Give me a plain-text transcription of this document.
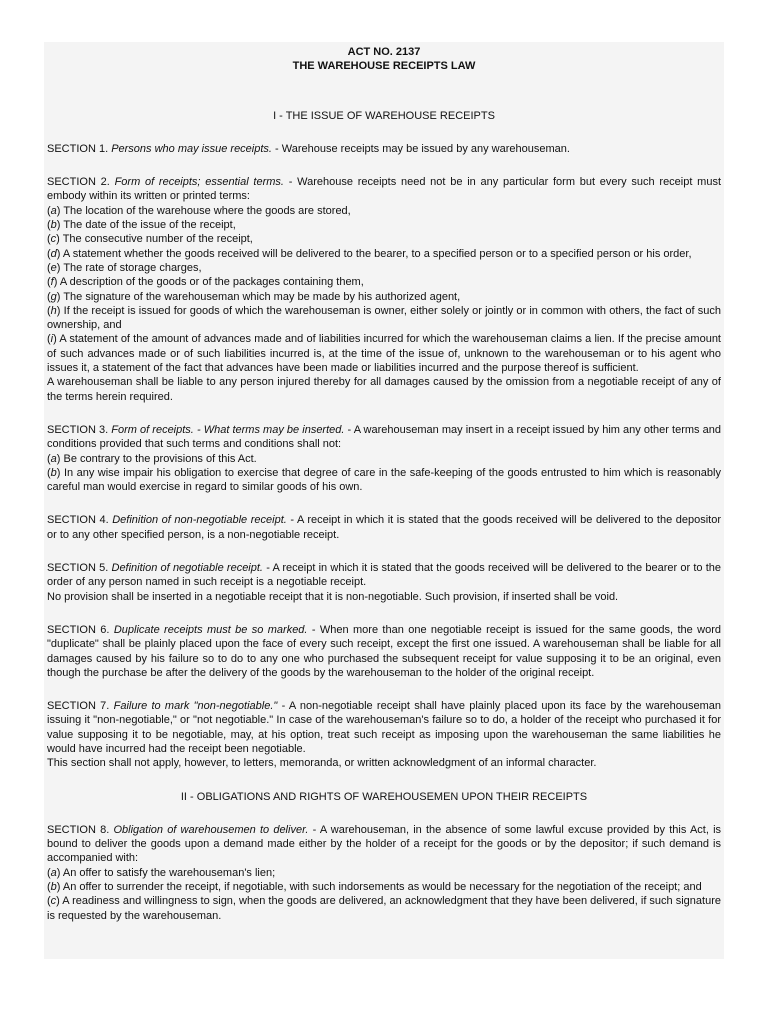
ACT NO. 2137
THE WAREHOUSE RECEIPTS LAW

I - THE ISSUE OF WAREHOUSE RECEIPTS

SECTION 1. Persons who may issue receipts. - Warehouse receipts may be issued by any warehouseman.

SECTION 2. Form of receipts; essential terms. - Warehouse receipts need not be in any particular form but every such receipt must embody within its written or printed terms:

(a) The location of the warehouse where the goods are stored,

(b) The date of the issue of the receipt,

(c) The consecutive number of the receipt,

(d) A statement whether the goods received will be delivered to the bearer, to a specified person or to a specified person or his order,

(e) The rate of storage charges,

(f) A description of the goods or of the packages containing them,

(g) The signature of the warehouseman which may be made by his authorized agent,

(h) If the receipt is issued for goods of which the warehouseman is owner, either solely or jointly or in common with others, the fact of such ownership, and

(i) A statement of the amount of advances made and of liabilities incurred for which the warehouseman claims a lien. If the precise amount of such advances made or of such liabilities incurred is, at the time of the issue of, unknown to the warehouseman or to his agent who issues it, a statement of the fact that advances have been made or liabilities incurred and the purpose thereof is sufficient.

A warehouseman shall be liable to any person injured thereby for all damages caused by the omission from a negotiable receipt of any of the terms herein required.

SECTION 3. Form of receipts. - What terms may be inserted. - A warehouseman may insert in a receipt issued by him any other terms and conditions provided that such terms and conditions shall not:

(a) Be contrary to the provisions of this Act.

(b) In any wise impair his obligation to exercise that degree of care in the safe-keeping of the goods entrusted to him which is reasonably careful man would exercise in regard to similar goods of his own.

SECTION 4. Definition of non-negotiable receipt. - A receipt in which it is stated that the goods received will be delivered to the depositor or to any other specified person, is a non-negotiable receipt.

SECTION 5. Definition of negotiable receipt. - A receipt in which it is stated that the goods received will be delivered to the bearer or to the order of any person named in such receipt is a negotiable receipt.

No provision shall be inserted in a negotiable receipt that it is non-negotiable. Such provision, if inserted shall be void.

SECTION 6. Duplicate receipts must be so marked. - When more than one negotiable receipt is issued for the same goods, the word "duplicate" shall be plainly placed upon the face of every such receipt, except the first one issued. A warehouseman shall be liable for all damages caused by his failure so to do to any one who purchased the subsequent receipt for value supposing it to be an original, even though the purchase be after the delivery of the goods by the warehouseman to the holder of the original receipt.

SECTION 7. Failure to mark "non-negotiable." - A non-negotiable receipt shall have plainly placed upon its face by the warehouseman issuing it "non-negotiable," or "not negotiable." In case of the warehouseman's failure so to do, a holder of the receipt who purchased it for value supposing it to be negotiable, may, at his option, treat such receipt as imposing upon the warehouseman the same liabilities he would have incurred had the receipt been negotiable.

This section shall not apply, however, to letters, memoranda, or written acknowledgment of an informal character.

II - OBLIGATIONS AND RIGHTS OF WAREHOUSEMEN UPON THEIR RECEIPTS

SECTION 8. Obligation of warehousemen to deliver. - A warehouseman, in the absence of some lawful excuse provided by this Act, is bound to deliver the goods upon a demand made either by the holder of a receipt for the goods or by the depositor; if such demand is accompanied with:

(a) An offer to satisfy the warehouseman's lien;

(b) An offer to surrender the receipt, if negotiable, with such indorsements as would be necessary for the negotiation of the receipt; and

(c) A readiness and willingness to sign, when the goods are delivered, an acknowledgment that they have been delivered, if such signature is requested by the warehouseman.
